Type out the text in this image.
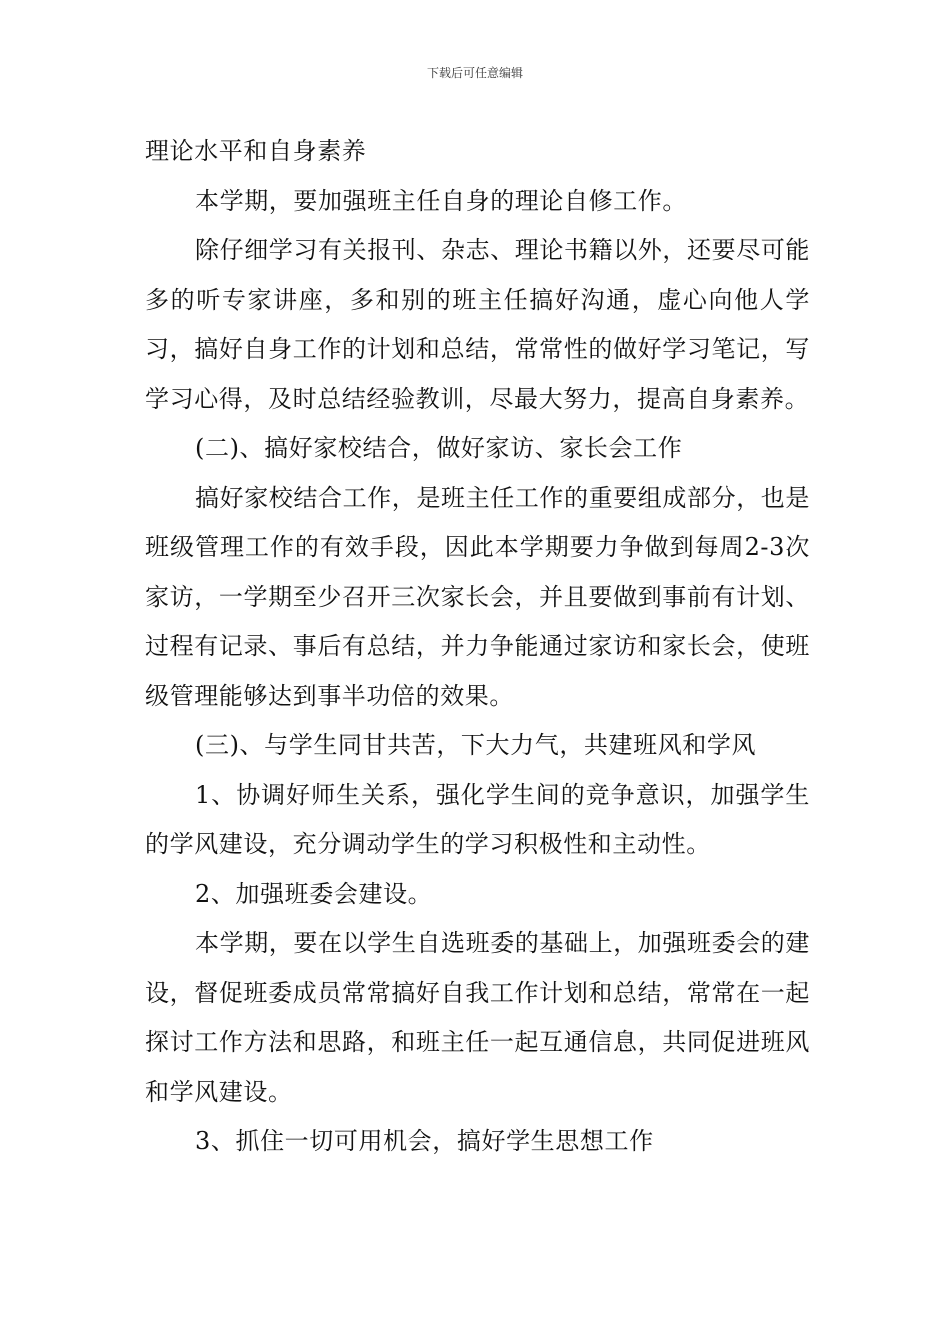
下载后可任意编辑

理论水平和自身素养

本学期，要加强班主任自身的理论自修工作。

除仔细学习有关报刊、杂志、理论书籍以外，还要尽可能多的听专家讲座，多和别的班主任搞好沟通，虚心向他人学习，搞好自身工作的计划和总结，常常性的做好学习笔记，写学习心得，及时总结经验教训，尽最大努力，提高自身素养。

(二)、搞好家校结合，做好家访、家长会工作

搞好家校结合工作，是班主任工作的重要组成部分，也是班级管理工作的有效手段，因此本学期要力争做到每周2-3次家访，一学期至少召开三次家长会，并且要做到事前有计划、过程有记录、事后有总结，并力争能通过家访和家长会，使班级管理能够达到事半功倍的效果。

(三)、与学生同甘共苦，下大力气，共建班风和学风

1、协调好师生关系，强化学生间的竞争意识，加强学生的学风建设，充分调动学生的学习积极性和主动性。

2、加强班委会建设。

本学期，要在以学生自选班委的基础上，加强班委会的建设，督促班委成员常常搞好自我工作计划和总结，常常在一起探讨工作方法和思路，和班主任一起互通信息，共同促进班风和学风建设。

3、抓住一切可用机会，搞好学生思想工作
